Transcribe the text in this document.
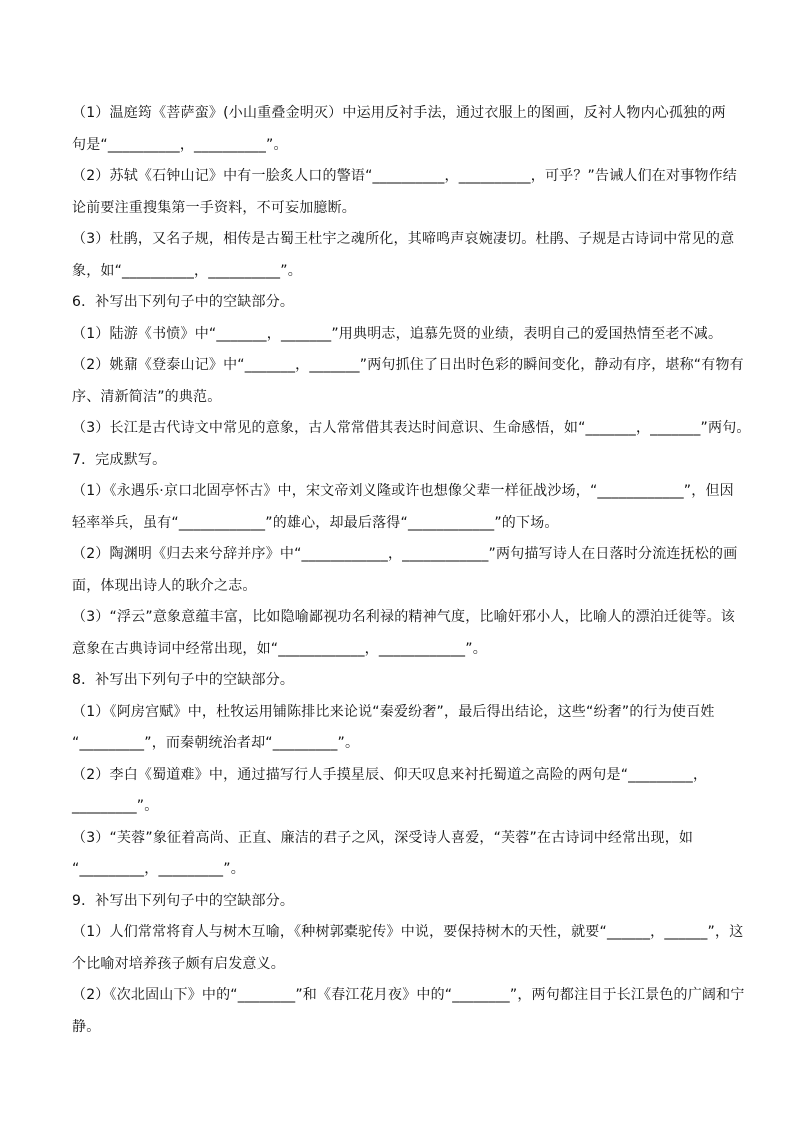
（1）温庭筠《菩萨蛮》(小山重叠金明灭）中运用反衬手法，通过衣服上的图画，反衬人物内心孤独的两
句是“__________，__________”。
（2）苏轼《石钟山记》中有一脍炙人口的警语“__________，__________，可乎？”告诫人们在对事物作结
论前要注重搜集第一手资料，不可妄加臆断。
（3）杜鹃，又名子规，相传是古蜀王杜宇之魂所化，其啼鸣声哀婉凄切。杜鹃、子规是古诗词中常见的意
象，如“__________，__________”。
6．补写出下列句子中的空缺部分。
（1）陆游《书愤》中“_______，_______”用典明志，追慕先贤的业绩，表明自己的爱国热情至老不减。
（2）姚鼐《登泰山记》中“_______，_______”两句抓住了日出时色彩的瞬间变化，静动有序，堪称“有物有
序、清新简洁”的典范。
（3）长江是古代诗文中常见的意象，古人常常借其表达时间意识、生命感悟，如“_______，_______”两句。
7．完成默写。
（1）《永遇乐·京口北固亭怀古》中，宋文帝刘义隆或许也想像父辈一样征战沙场，“____________”，但因
轻率举兵，虽有“____________”的雄心，却最后落得“____________”的下场。
（2）陶渊明《归去来兮辞并序》中“____________，____________”两句描写诗人在日落时分流连抚松的画
面，体现出诗人的耿介之志。
（3）“浮云”意象意蕴丰富，比如隐喻鄙视功名利禄的精神气度，比喻奸邪小人，比喻人的漂泊迁徙等。该
意象在古典诗词中经常出现，如“____________，____________”。
8．补写出下列句子中的空缺部分。
（1）《阿房宫赋》中，杜牧运用铺陈排比来论说“秦爱纷奢”，最后得出结论，这些“纷奢”的行为使百姓
“_________”，而秦朝统治者却“_________”。
（2）李白《蜀道难》中，通过描写行人手摸星辰、仰天叹息来衬托蜀道之高险的两句是“_________，
_________”。
（3）“芙蓉”象征着高尚、正直、廉洁的君子之风，深受诗人喜爱，“芙蓉”在古诗词中经常出现，如
“_________，_________”。
9．补写出下列句子中的空缺部分。
（1）人们常常将育人与树木互喻，《种树郭橐驼传》中说，要保持树木的天性，就要“______，______”，这
个比喻对培养孩子颇有启发意义。
（2）《次北固山下》中的“________”和《春江花月夜》中的“________”，两句都注目于长江景色的广阔和宁
静。
